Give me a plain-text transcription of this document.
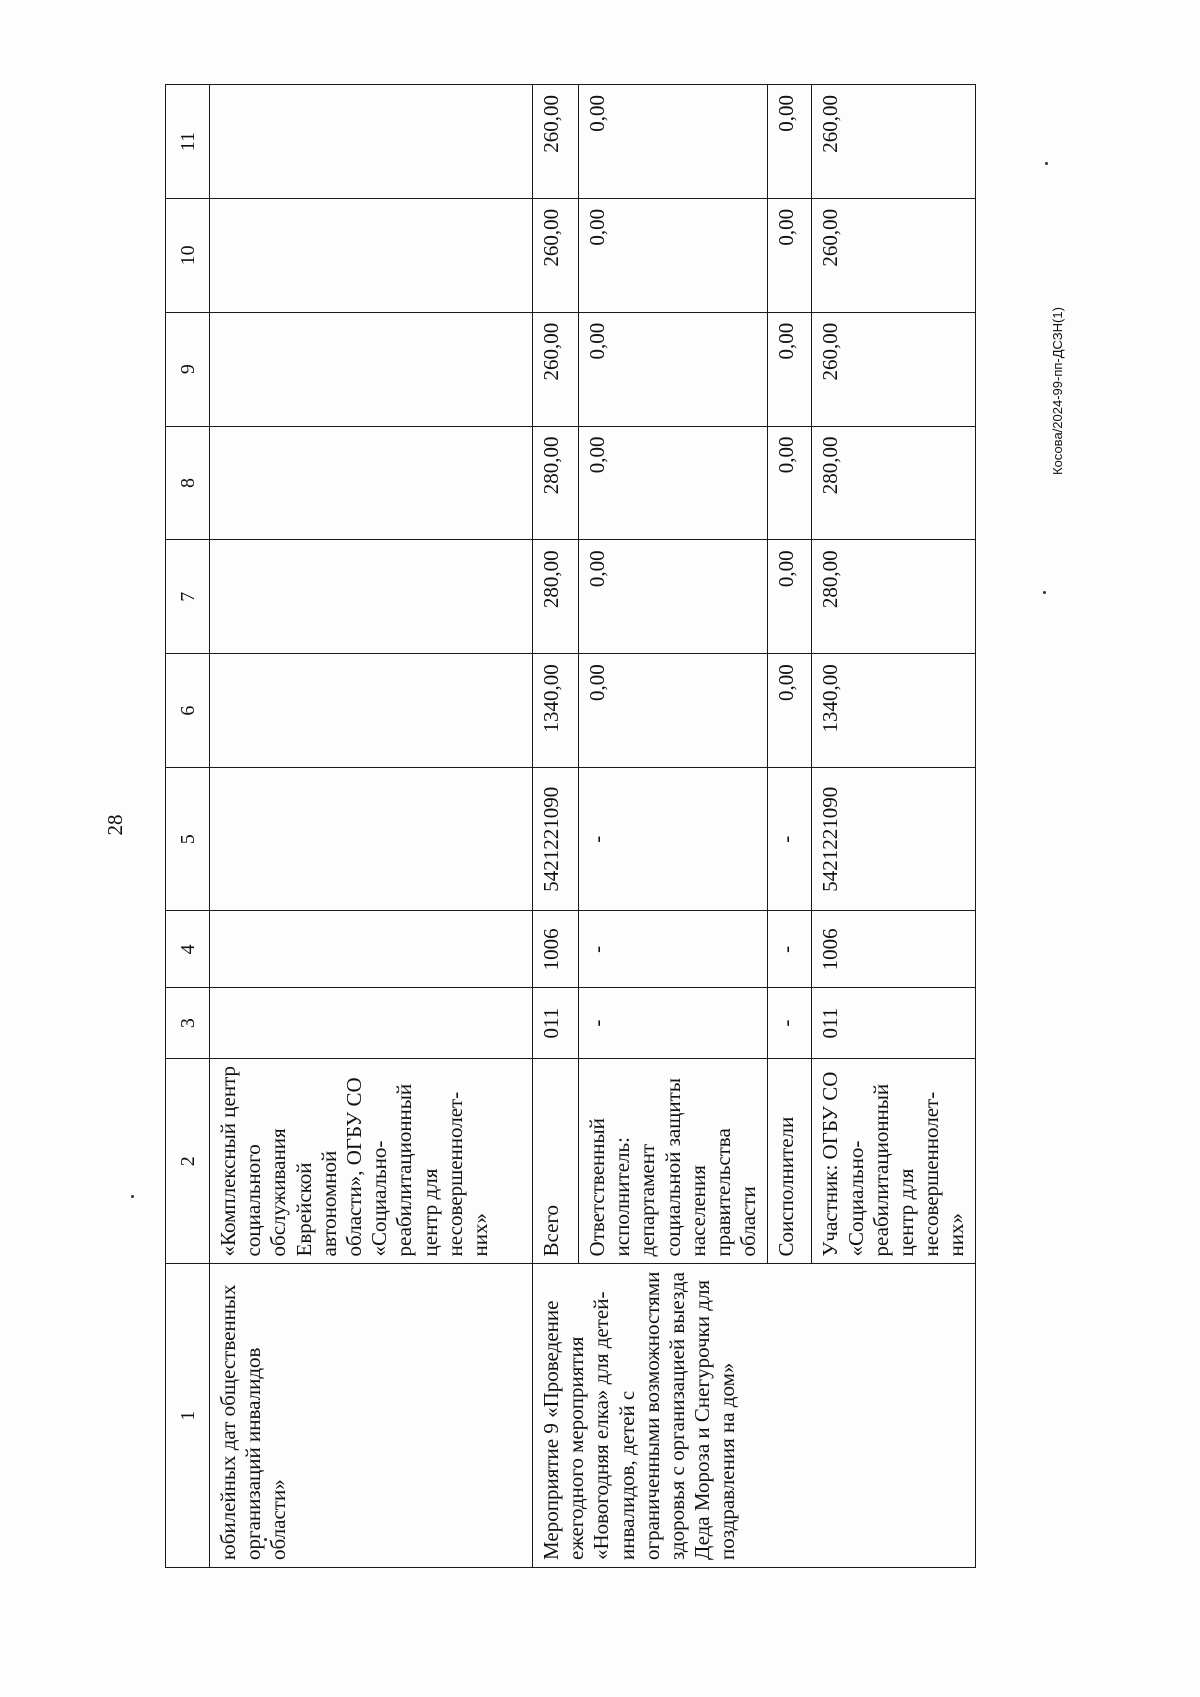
28
Косова/2024-99-пп-ДСЗН(1)
1	2	3	4	5	6	7	8	9	10	11
юбилейных дат общественных организаций инвалидов области»	«Комплексный центр социального обслуживания Еврейской автономной области», ОГБУ СО «Социально-реабилитационный центр для несовершеннолет-них»									
Мероприятие 9 «Проведение ежегодного мероприятия «Новогодняя елка» для детей-инвалидов, детей с ограниченными возможностями здоровья с организацией выезда Деда Мороза и Снегурочки для поздравления на дом»	Всего	011	1006	5421221090	1340,00	280,00	280,00	260,00	260,00	260,00
	Ответственный исполнитель: департамент социальной защиты населения правительства области	-	-	-	0,00	0,00	0,00	0,00	0,00	0,00
	Соисполнители	-	-	-	0,00	0,00	0,00	0,00	0,00	0,00
	Участник: ОГБУ СО «Социально-реабилитационный центр для несовершеннолет-них»	011	1006	5421221090	1340,00	280,00	280,00	260,00	260,00	260,00
